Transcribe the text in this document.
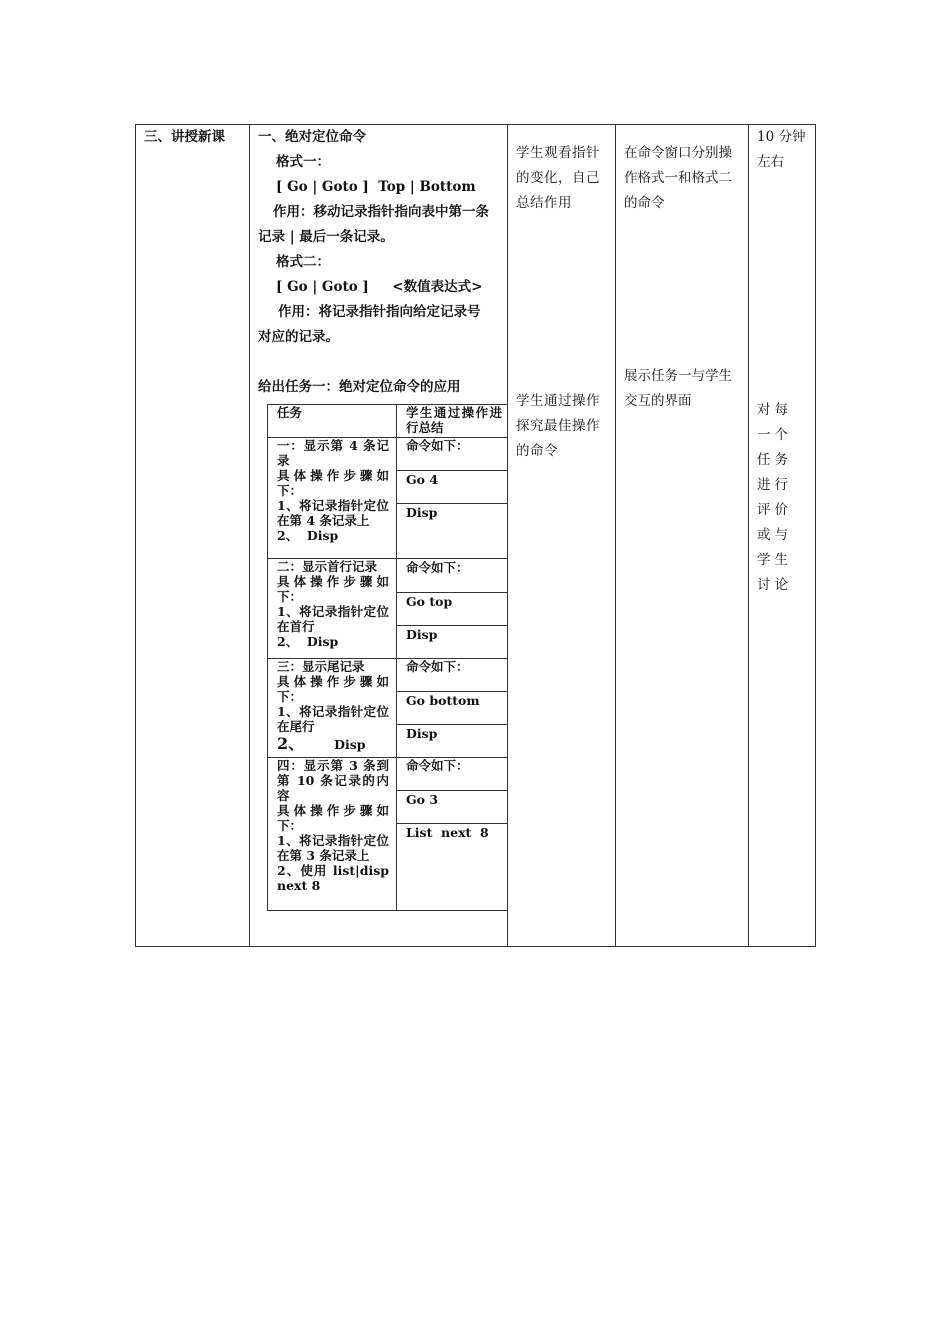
三、讲授新课 一、绝对定位命令
格式一：
[ Go | Goto ]  Top | Bottom
作用：移动记录指针指向表中第一条
记录 | 最后一条记录。
格式二：
[ Go | Goto ]     <数值表达式>
作用：将记录指针指向给定记录号
对应的记录。
给出任务一：绝对定位命令的应用
任务	学生通过操作进行总结
一：显示第 4 条记录
具体操作步骤如下：
1、将记录指针定位在第 4 条记录上
2、  Disp
命令如下：
Go 4
Disp
二：显示首行记录
具体操作步骤如下：
1、将记录指针定位在首行
2、  Disp
命令如下：
Go top
Disp
三：显示尾记录
具体操作步骤如下：
1、将记录指针定位在尾行
2、 Disp
命令如下：
Go bottom
Disp
四：显示第 3 条到第 10 条记录的内容
具体操作步骤如下：
1、将记录指针定位在第 3 条记录上
2、使用 list|disp next 8
命令如下：
Go 3
List  next  8
学生观看指针的变化，自己总结作用
学生通过操作探究最佳操作的命令
在命令窗口分别操作格式一和格式二的命令
展示任务一与学生交互的界面
10 分钟左右
对每一个任务进行评价或与学生讨论
